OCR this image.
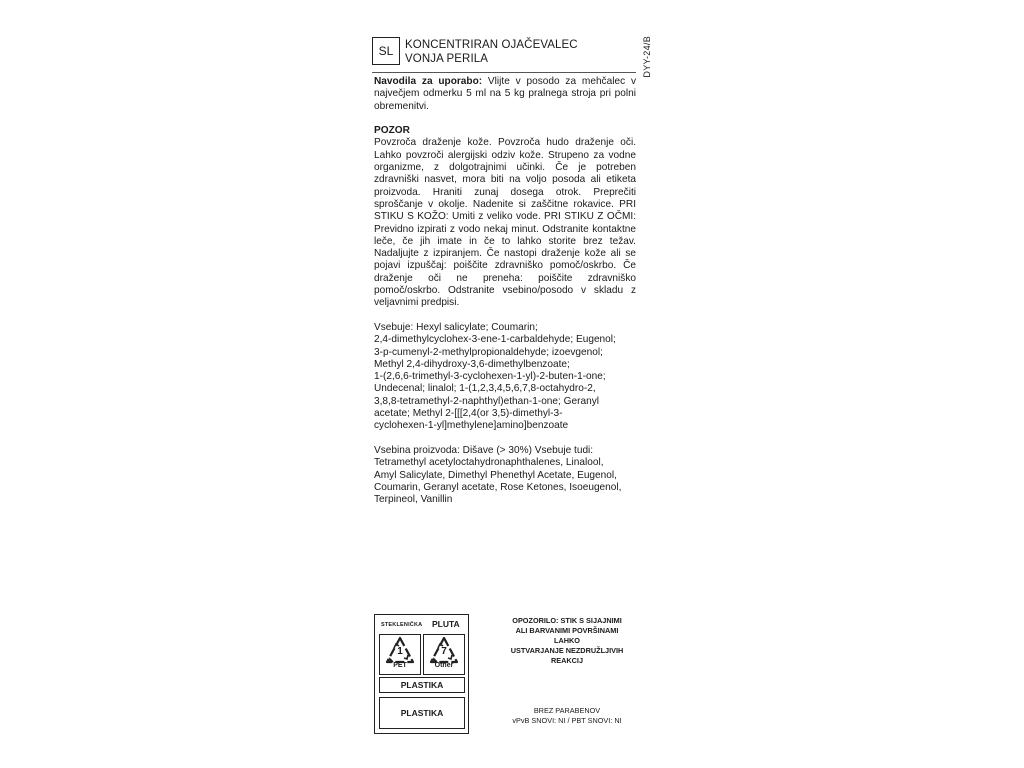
SL KONCENTRIRAN OJAČEVALEC
VONJA PERILA	DYY-24/B

Navodila za uporabo: Vlijte v posodo za mehčalec v največjem odmerku 5 ml na 5 kg pralnega stroja pri polni obremenitvi.

POZOR

Povzroča draženje kože. Povzroča hudo draženje oči. Lahko povzroči alergijski odziv kože. Strupeno za vodne organizme, z dolgotrajnimi učinki. Če je potreben zdravniški nasvet, mora biti na voljo posoda ali etiketa proizvoda. Hraniti zunaj dosega otrok. Preprečiti sproščanje v okolje. Nadenite si zaščitne rokavice. PRI STIKU S KOŽO: Umiti z veliko vode. PRI STIKU Z OČMI: Previdno izpirati z vodo nekaj minut. Odstranite kontaktne leče, če jih imate in če to lahko storite brez težav. Nadaljujte z izpiranjem. Če nastopi draženje kože ali se pojavi izpuščaj: poiščite zdravniško pomoč/oskrbo. Če draženje oči ne preneha: poiščite zdravniško pomoč/oskrbo. Odstranite vsebino/posodo v skladu z veljavnimi predpisi.

Vsebuje: Hexyl salicylate; Coumarin;
2,4-dimethylcyclohex-3-ene-1-carbaldehyde; Eugenol;
3-p-cumenyl-2-methylpropionaldehyde; izoevgenol;
Methyl 2,4-dihydroxy-3,6-dimethylbenzoate;
1-(2,6,6-trimethyl-3-cyclohexen-1-yl)-2-buten-1-one;
Undecenal; linalol; 1-(1,2,3,4,5,6,7,8-octahydro-2,
3,8,8-tetramethyl-2-naphthyl)ethan-1-one; Geranyl
acetate; Methyl 2-[[[2,4(or 3,5)-dimethyl-3-
cyclohexen-1-yl]methylene]amino]benzoate

Vsebina proizvoda: Dišave (> 30%) Vsebuje tudi:
Tetramethyl acetyloctahydronaphthalenes, Linalool,
Amyl Salicylate, Dimethyl Phenethyl Acetate, Eugenol,
Coumarin, Geranyl acetate, Rose Ketones, Isoeugenol,
Terpineol, Vanillin

STEKLENIČKA PLUTA
1
PET
7
Other
PLASTIKA
PLASTIKA
OPOZORILO: STIK S SIJAJNIMI
ALI BARVANIMI POVRŠINAMI
LAHKO
USTVARJANJE NEZDRUŽLJIVIH
REAKCIJ
BREZ PARABENOV
vPvB SNOVI: NI / PBT SNOVI: NI
